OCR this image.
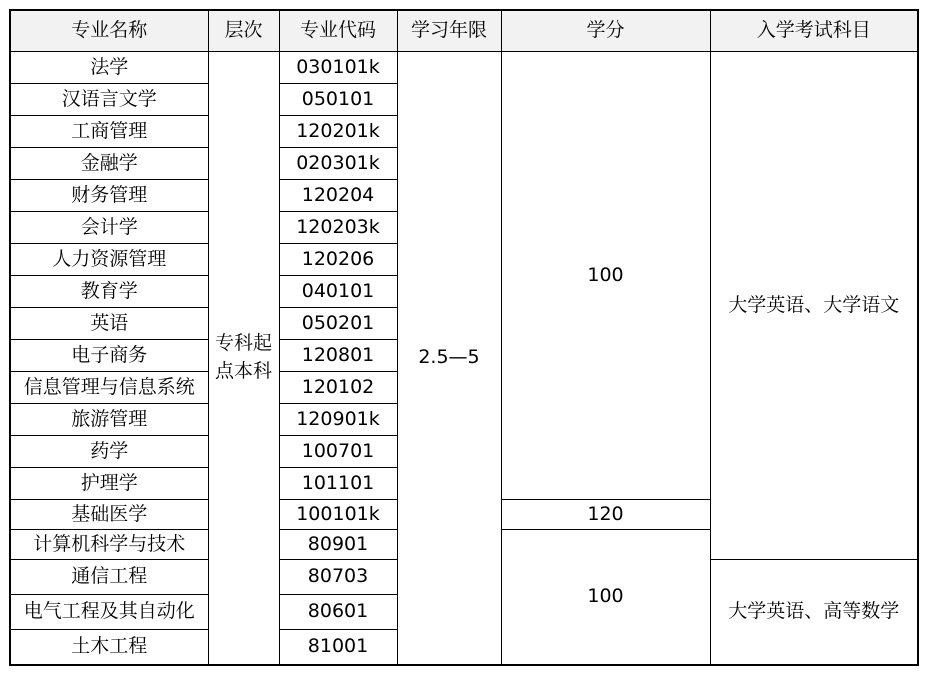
专业名称	层次	专业代码	学习年限	学分	入学考试科目
法学	专科起点本科	030101k	2.5—5	100	大学英语、大学语文
汉语言文学		050101			
工商管理		120201k			
金融学		020301k			
财务管理		120204			
会计学		120203k			
人力资源管理		120206			
教育学		040101			
英语		050201			
电子商务		120801			
信息管理与信息系统		120102			
旅游管理		120901k			
药学		100701			
护理学		101101			
基础医学		100101k		120	
计算机科学与技术		80901		100	
通信工程		80703			大学英语、高等数学
电气工程及其自动化		80601			
土木工程		81001			
